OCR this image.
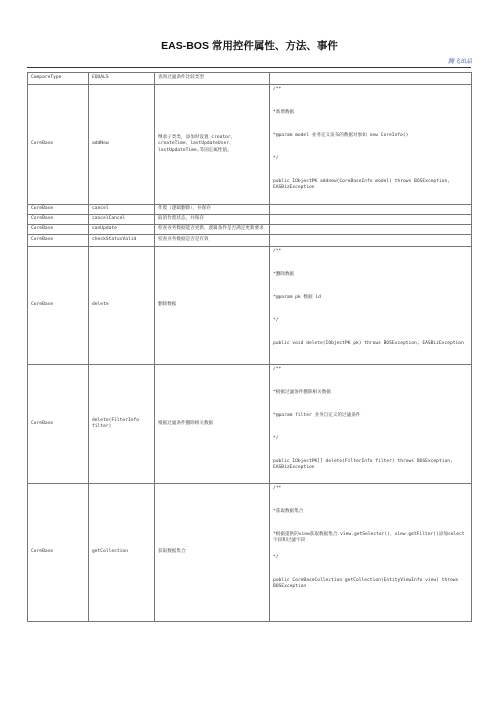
EAS-BOS 常用控件属性、方法、事件
腾飞出品
CompareType	EQUALS	查询过滤条件比较类型	
CoreBase	addNew	继承子类类，添加时设置 creator、createTime、lastUpdateUser、lastUpdateTime,等固定属性值。	/**
*新增数据
*@param model 业务定义发布的数据对象如 new CoreInfo()
*/
public IObjectPK addnew(CoreBaseInfo model) throws BOSException, EASBizException

CoreBase	cancel	作废（逻辑删除），并保存	
CoreBase	cancelCancel	取消作废状态，并保存	
CoreBase	canUpdate	检查业务数据能否更新，逻辑条件是否满足更新要求	
CoreBase	checkStatusValid	检查业务数据是否是有效	
CoreBase	delete	删除数据	/**
*删除数据
*@param pk 数据 id
*/
public void delete(IObjectPK pk) throws BOSException, EASBizException

CoreBase	delete(FilterInfo filter)	根据过滤条件删除相关数据	/**
*根据过滤条件删除相关数据
*@param filter 业务自定义的过滤条件
*/
public IObjectPK[] delete(FilterInfo filter) throws BOSException, EASBizException

CoreBase	getCollection	获取数据集合	/**
*获取数据集合
*根据提供的view获取数据集合 view.getSelector()、view.getFilter()添加select字段和过滤字段
*/
public CoreBaseCollection getCollection(EntityViewInfo view) throws BOSException
